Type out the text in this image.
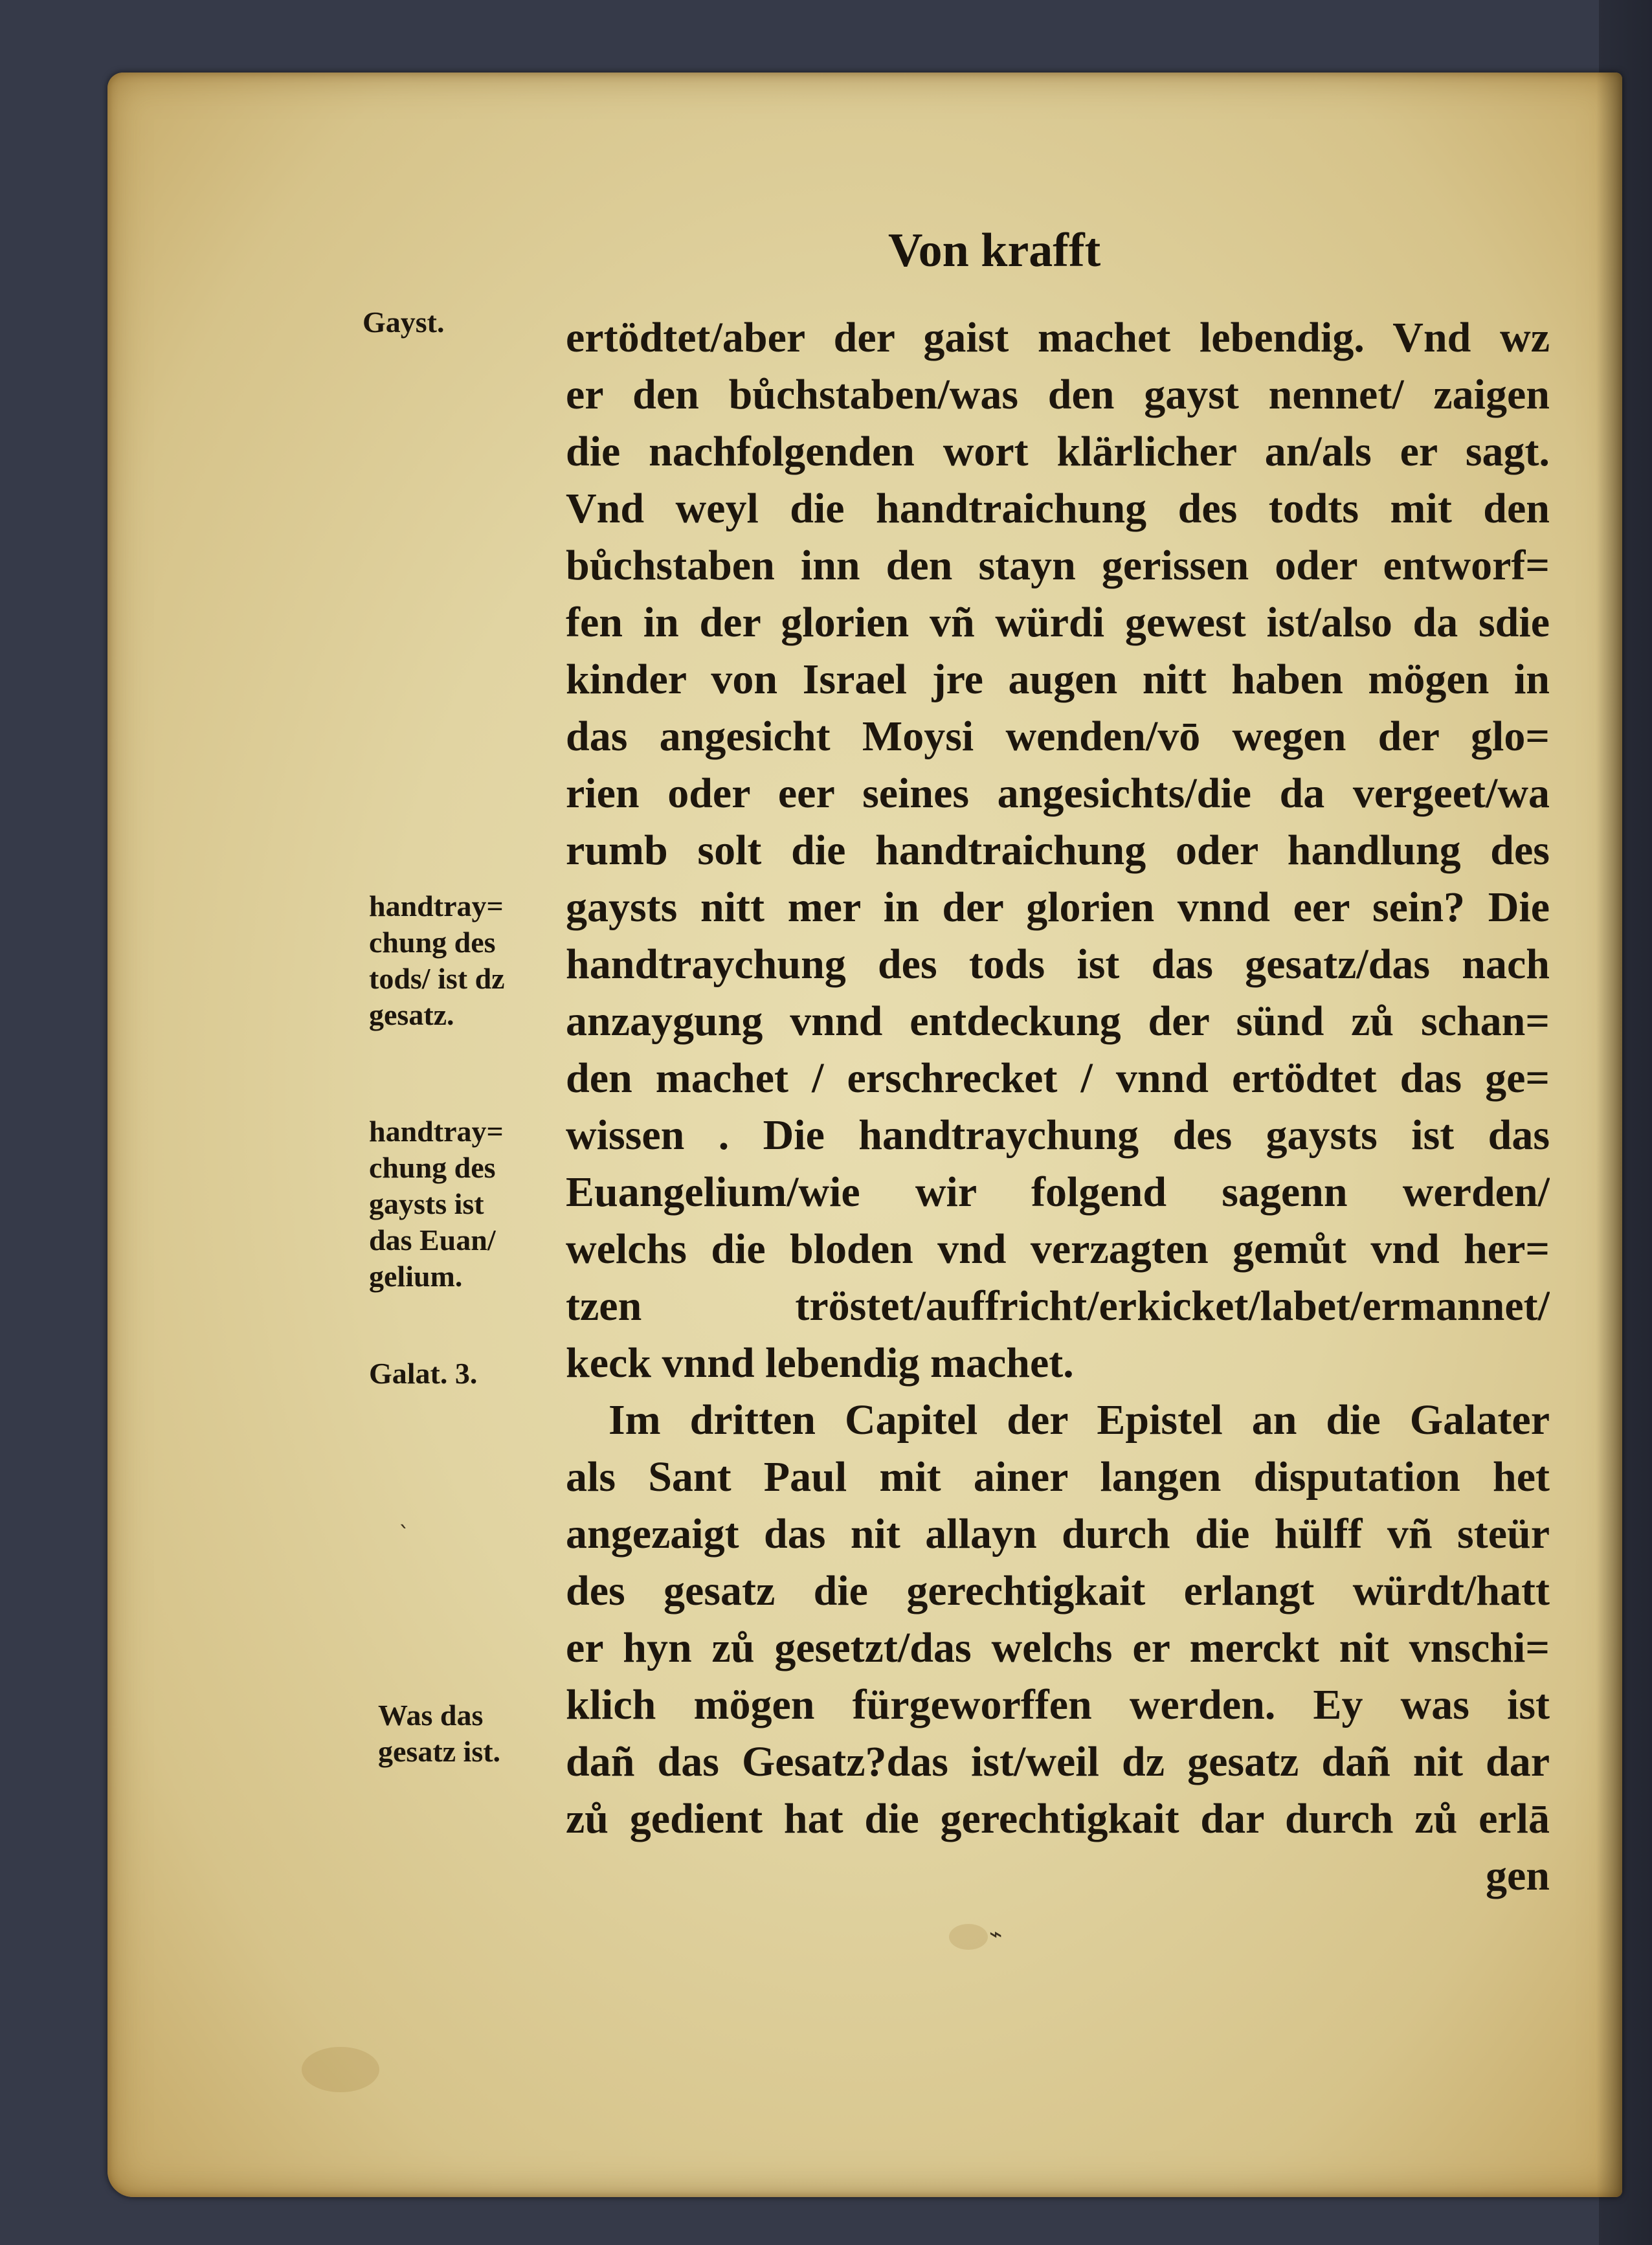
Von krafft
ertödtet/aber der gaist machet lebendig. Vnd wz
er den bůchstaben/was den gayst nennet/ zaigen
die nachfolgenden wort klärlicher an/als er sagt.
Vnd weyl die handtraichung des todts mit den
bůchstaben inn den stayn gerissen oder entworf=
fen in der glorien vñ würdi gewest ist/also da sdie
kinder von Israel jre augen nitt haben mögen in
das angesicht Moysi wenden/vō wegen der glo=
rien oder eer seines angesichts/die da vergeet/wa
rumb solt die handtraichung oder handlung des
gaysts nitt mer in der glorien vnnd eer sein? Die
handtraychung des tods ist das gesatz/das nach
anzaygung vnnd entdeckung der sünd zů schan=
den machet / erschrecket / vnnd ertödtet das ge=
wissen . Die handtraychung des gaysts ist das
Euangelium/wie wir folgend sagenn werden/
welchs die bloden vnd verzagten gemůt vnd her=
tzen tröstet/auffricht/erkicket/labet/ermannet/
keck vnnd lebendig machet.
Im dritten Capitel der Epistel an die Galater
als Sant Paul mit ainer langen disputation het
angezaigt das nit allayn durch die hülff vñ steür
des gesatz die gerechtigkait erlangt würdt/hatt
er hyn zů gesetzt/das welchs er merckt nit vnschi=
klich mögen fürgeworffen werden. Ey was ist
dañ das Gesatz?das ist/weil dz gesatz dañ nit dar
zů gedient hat die gerechtigkait dar durch zů erlā
gen
Gayst.
handtray=
chung des
tods/ ist dz
gesatz.
handtray=
chung des
gaysts ist
das Euan/
gelium.
Galat. 3.
Was das
gesatz ist.
⌁
ˎ
